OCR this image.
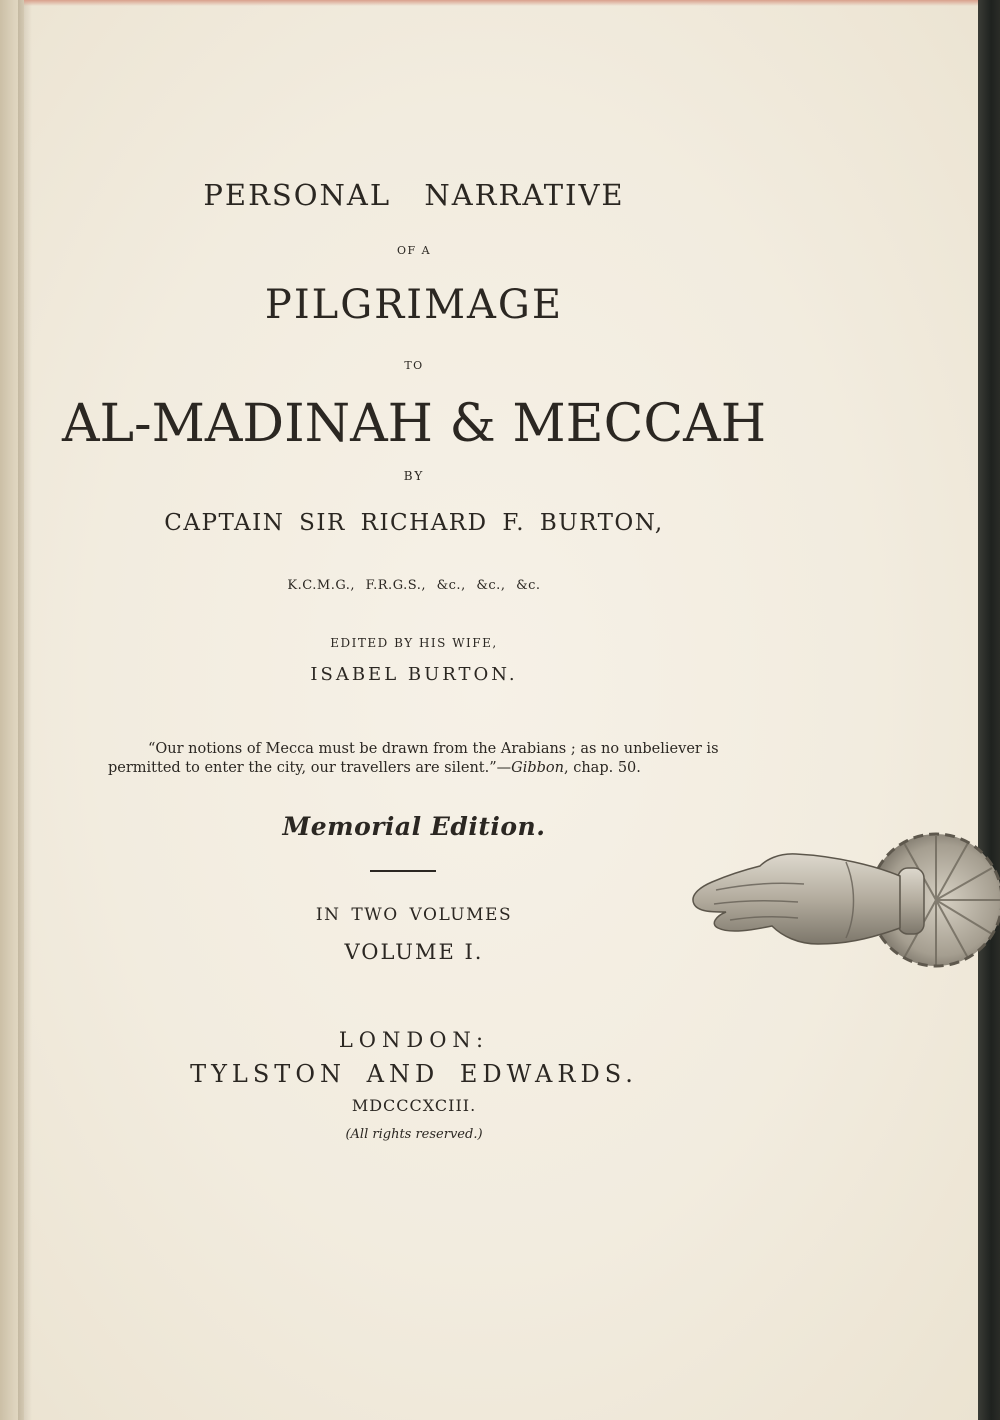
PERSONAL NARRATIVE
OF A
PILGRIMAGE
TO
AL-MADINAH & MECCAH
BY
CAPTAIN SIR RICHARD F. BURTON,
K.C.M.G., F.R.G.S., &c., &c., &c.
EDITED BY HIS WIFE,
ISABEL BURTON.
“Our notions of Mecca must be drawn from the Arabians ; as no unbeliever is
permitted to enter the city, our travellers are silent.”—Gibbon, chap. 50.
Memorial Edition.
IN TWO VOLUMES
VOLUME I.
LONDON:
TYLSTON AND EDWARDS.
MDCCCXCIII.
(All rights reserved.)
